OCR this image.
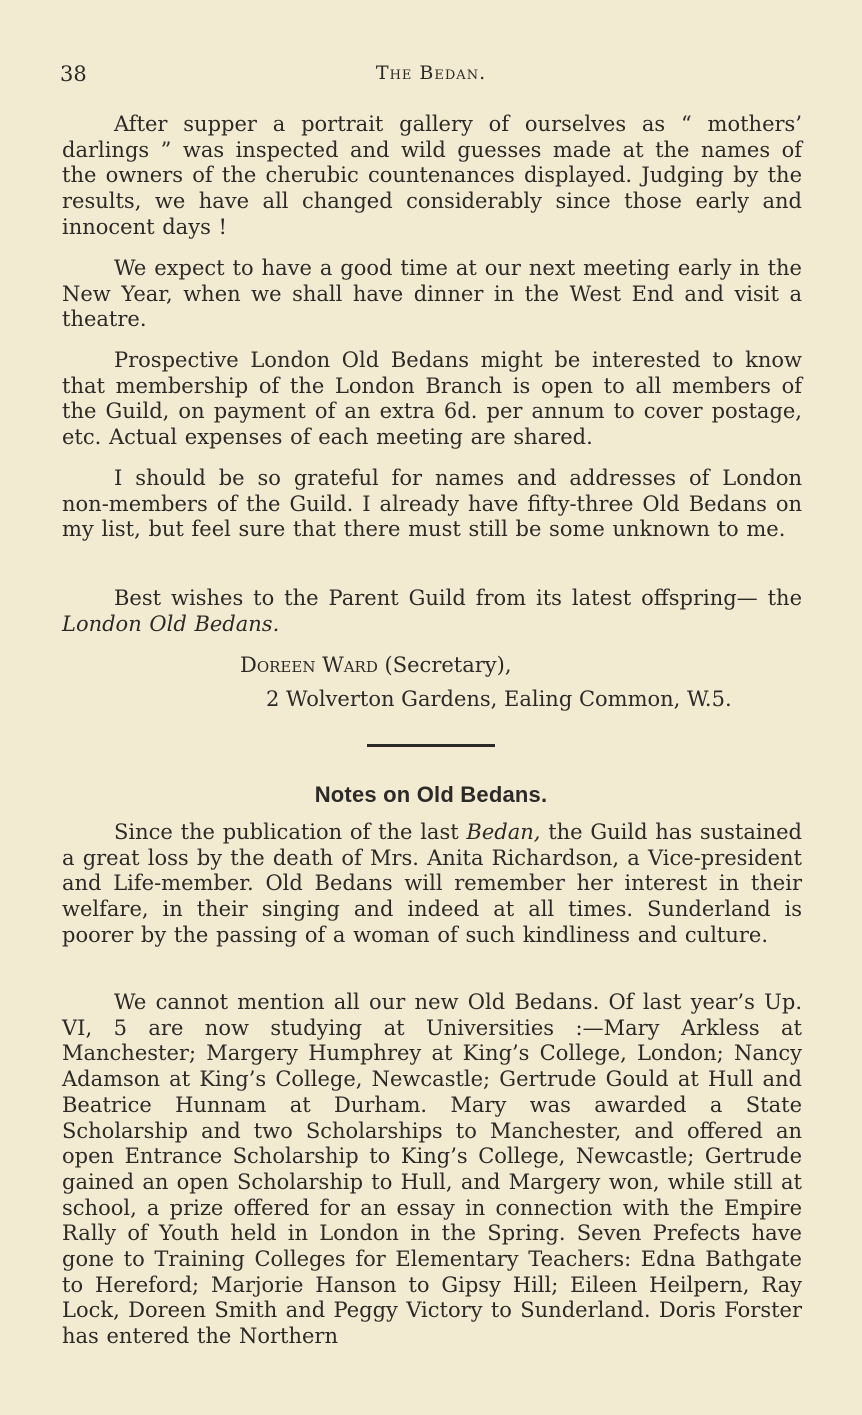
38	The Bedan.

After supper a portrait gallery of ourselves as “ mothers’ darlings ” was inspected and wild guesses made at the names of the owners of the cherubic countenances displayed. Judging by the results, we have all changed considerably since those early and innocent days !

We expect to have a good time at our next meeting early in the New Year, when we shall have dinner in the West End and visit a theatre.

Prospective London Old Bedans might be interested to know that membership of the London Branch is open to all members of the Guild, on payment of an extra 6d. per annum to cover postage, etc. Actual expenses of each meeting are shared.

I should be so grateful for names and addresses of London non-members of the Guild. I already have fifty-three Old Bedans on my list, but feel sure that there must still be some unknown to me.

Best wishes to the Parent Guild from its latest offspring— the London Old Bedans.

Doreen Ward (Secretary),
2 Wolverton Gardens, Ealing Common, W.5.
Notes on Old Bedans.

Since the publication of the last Bedan, the Guild has sustained a great loss by the death of Mrs. Anita Richardson, a Vice-president and Life-member. Old Bedans will remember her interest in their welfare, in their singing and indeed at all times. Sunderland is poorer by the passing of a woman of such kindliness and culture.

We cannot mention all our new Old Bedans. Of last year’s Up. VI, 5 are now studying at Universities :—Mary Arkless at Manchester; Margery Humphrey at King’s College, London; Nancy Adamson at King’s College, Newcastle; Gertrude Gould at Hull and Beatrice Hunnam at Durham. Mary was awarded a State Scholarship and two Scholarships to Manchester, and offered an open Entrance Scholarship to King’s College, Newcastle; Gertrude gained an open Scholarship to Hull, and Margery won, while still at school, a prize offered for an essay in connection with the Empire Rally of Youth held in London in the Spring. Seven Prefects have gone to Training Colleges for Elementary Teachers: Edna Bathgate to Hereford; Marjorie Hanson to Gipsy Hill; Eileen Heilpern, Ray Lock, Doreen Smith and Peggy Victory to Sunderland. Doris Forster has entered the Northern
